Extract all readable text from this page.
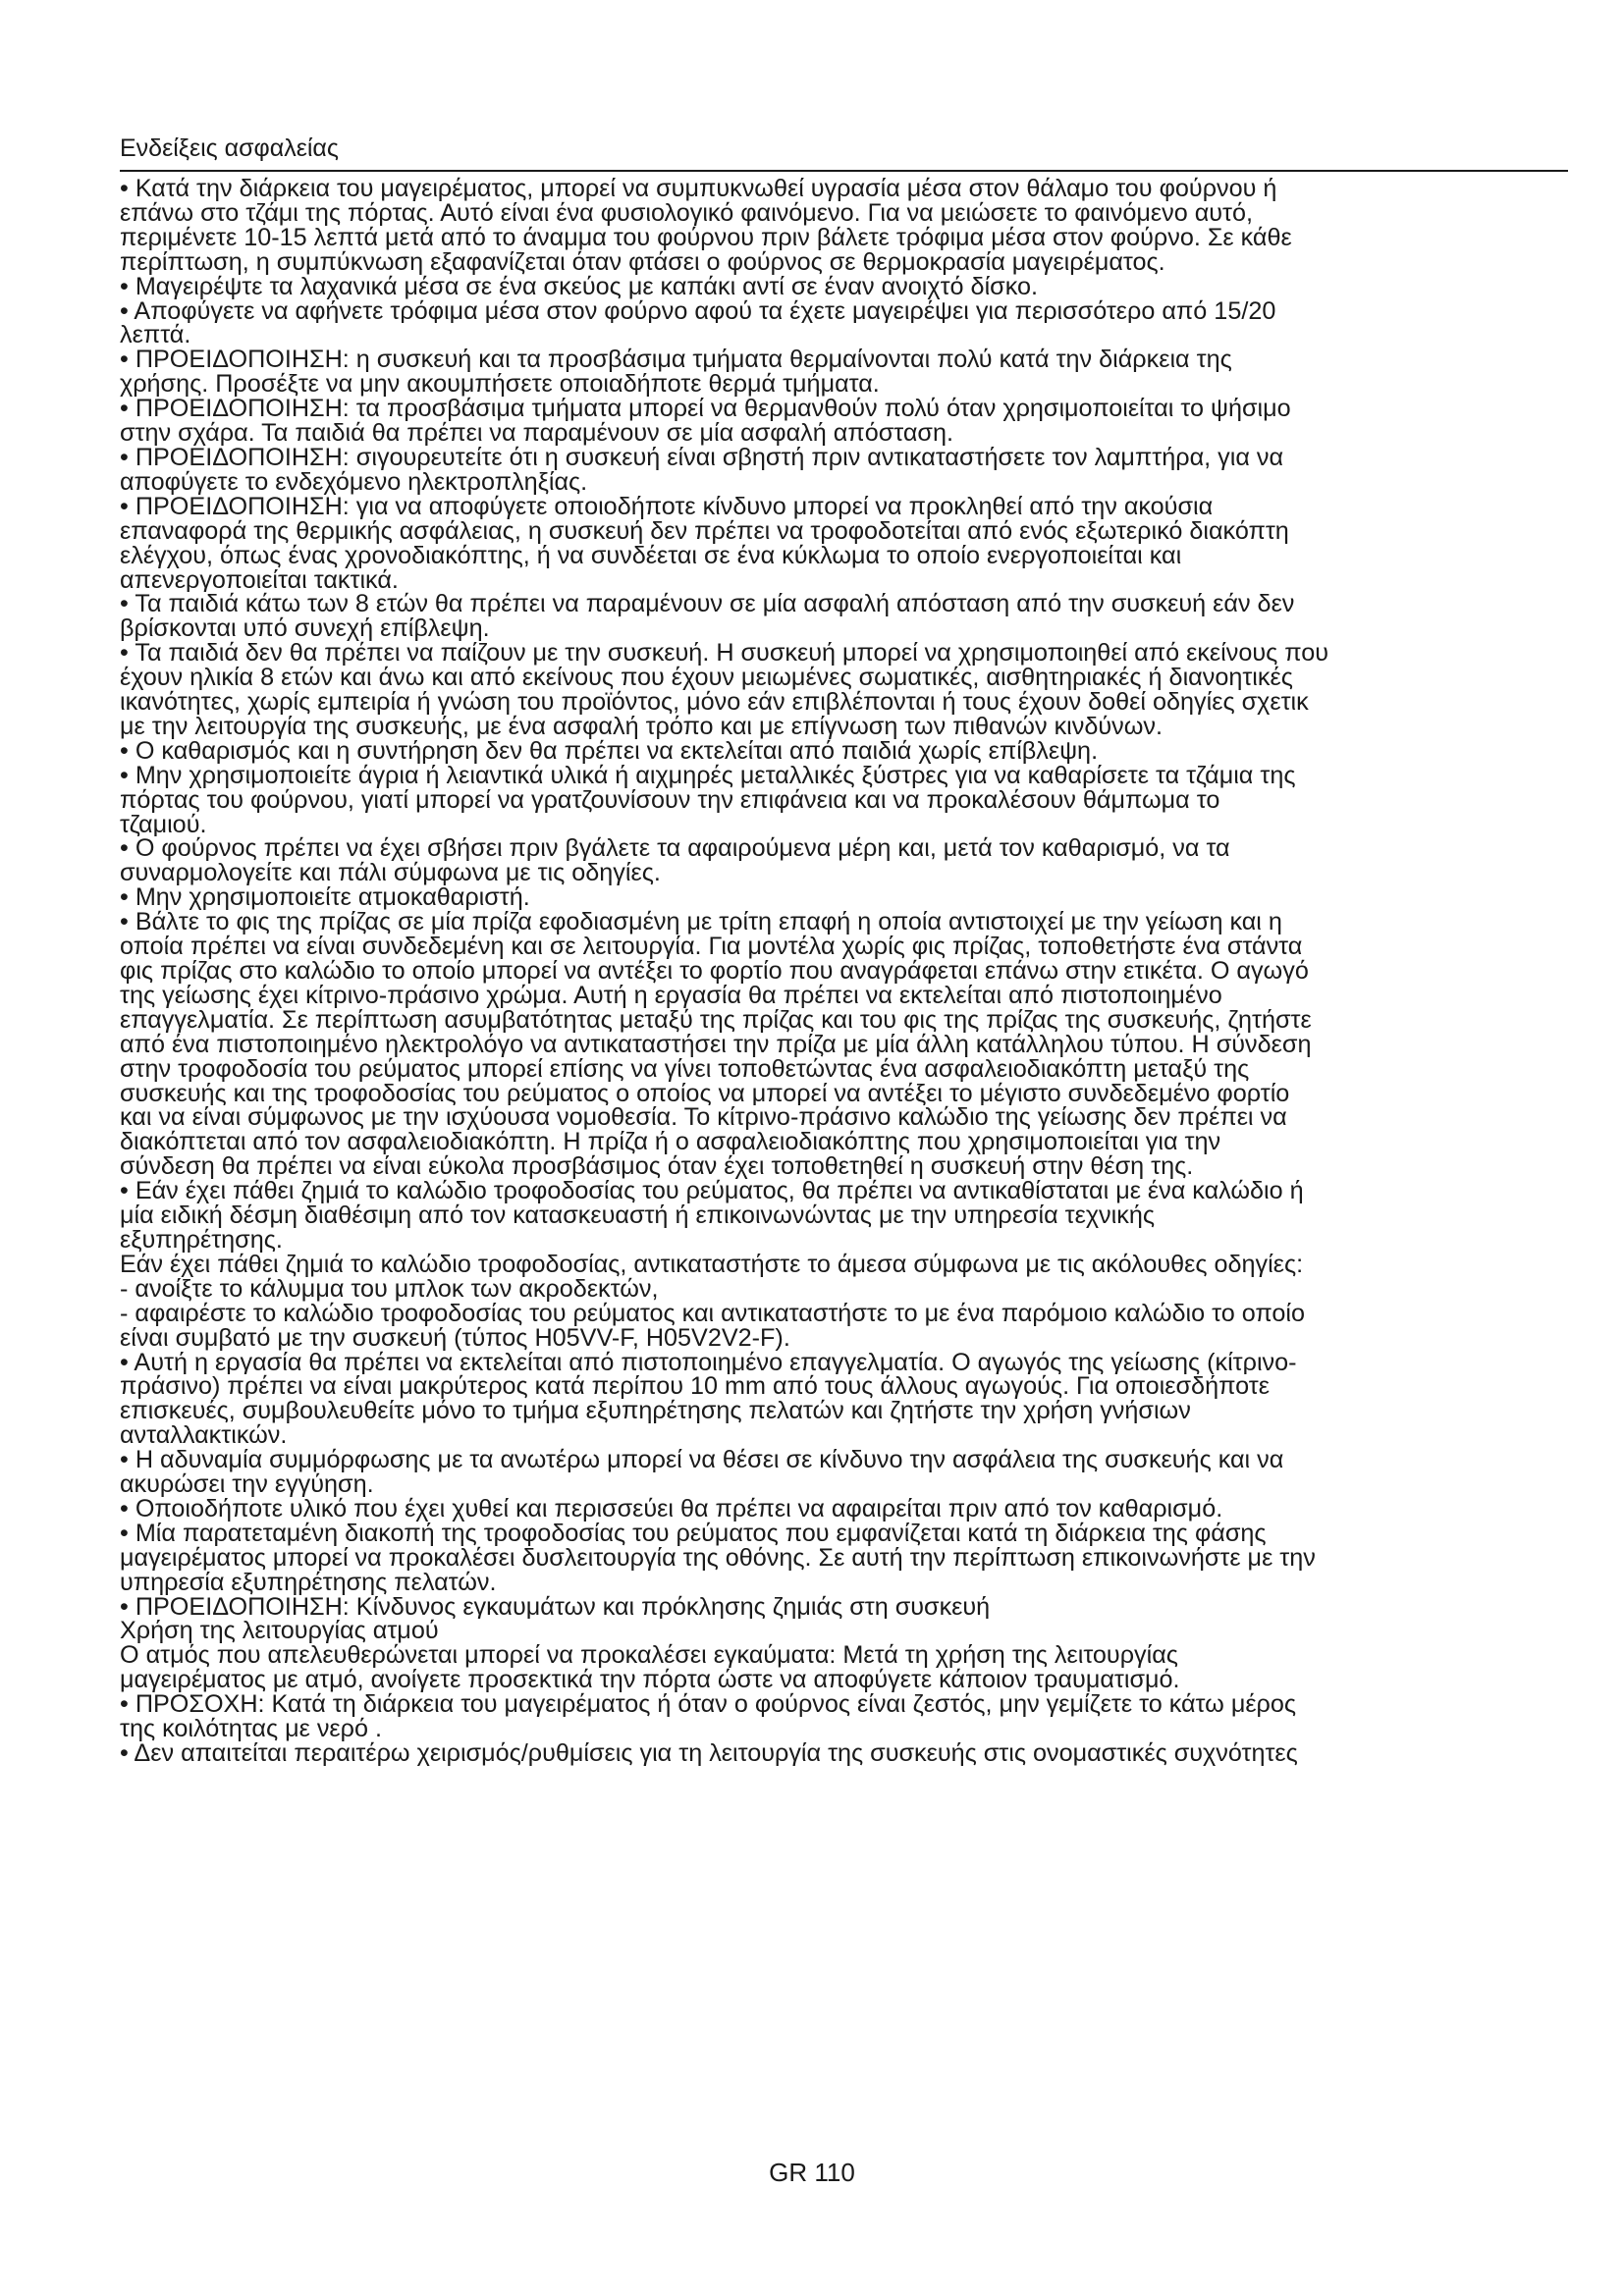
Ενδείξεις ασφαλείας

• Κατά την διάρκεια του μαγειρέματος, μπορεί να συμπυκνωθεί υγρασία μέσα στον θάλαμο του φούρνου ή

επάνω στο τζάμι της πόρτας. Αυτό είναι ένα φυσιολογικό φαινόμενο. Για να μειώσετε το φαινόμενο αυτό,

περιμένετε 10-15 λεπτά μετά από το άναμμα του φούρνου πριν βάλετε τρόφιμα μέσα στον φούρνο. Σε κάθε

περίπτωση, η συμπύκνωση εξαφανίζεται όταν φτάσει ο φούρνος σε θερμοκρασία μαγειρέματος.

• Μαγειρέψτε τα λαχανικά μέσα σε ένα σκεύος με καπάκι αντί σε έναν ανοιχτό δίσκο.

• Αποφύγετε να αφήνετε τρόφιμα μέσα στον φούρνο αφού τα έχετε μαγειρέψει για περισσότερο από 15/20

λεπτά.

• ΠΡΟΕΙΔΟΠΟΙΗΣΗ: η συσκευή και τα προσβάσιμα τμήματα θερμαίνονται πολύ κατά την διάρκεια της

χρήσης. Προσέξτε να μην ακουμπήσετε οποιαδήποτε θερμά τμήματα.

• ΠΡΟΕΙΔΟΠΟΙΗΣΗ: τα προσβάσιμα τμήματα μπορεί να θερμανθούν πολύ όταν χρησιμοποιείται το ψήσιμο

στην σχάρα. Τα παιδιά θα πρέπει να παραμένουν σε μία ασφαλή απόσταση.

• ΠΡΟΕΙΔΟΠΟΙΗΣΗ: σιγουρευτείτε ότι η συσκευή είναι σβηστή πριν αντικαταστήσετε τον λαμπτήρα, για να

αποφύγετε το ενδεχόμενο ηλεκτροπληξίας.

• ΠΡΟΕΙΔΟΠΟΙΗΣΗ: για να αποφύγετε οποιοδήποτε κίνδυνο μπορεί να προκληθεί από την ακούσια

επαναφορά της θερμικής ασφάλειας, η συσκευή δεν πρέπει να τροφοδοτείται από ενός εξωτερικό διακόπτη

ελέγχου, όπως ένας χρονοδιακόπτης, ή να συνδέεται σε ένα κύκλωμα το οποίο ενεργοποιείται και

απενεργοποιείται τακτικά.

• Τα παιδιά κάτω των 8 ετών θα πρέπει να παραμένουν σε μία ασφαλή απόσταση από την συσκευή εάν δεν

βρίσκονται υπό συνεχή επίβλεψη.

• Τα παιδιά δεν θα πρέπει να παίζουν με την συσκευή. Η συσκευή μπορεί να χρησιμοποιηθεί από εκείνους που

έχουν ηλικία 8 ετών και άνω και από εκείνους που έχουν μειωμένες σωματικές, αισθητηριακές ή διανοητικές

ικανότητες, χωρίς εμπειρία ή γνώση του προϊόντος, μόνο εάν επιβλέπονται ή τους έχουν δοθεί οδηγίες σχετικ

με την λειτουργία της συσκευής, με ένα ασφαλή τρόπο και με επίγνωση των πιθανών κινδύνων.

• Ο καθαρισμός και η συντήρηση δεν θα πρέπει να εκτελείται από παιδιά χωρίς επίβλεψη.

• Μην χρησιμοποιείτε άγρια ή λειαντικά υλικά ή αιχμηρές μεταλλικές ξύστρες για να καθαρίσετε τα τζάμια της

πόρτας του φούρνου, γιατί μπορεί να γρατζουνίσουν την επιφάνεια και να προκαλέσουν θάμπωμα το

τζαμιού.

• Ο φούρνος πρέπει να έχει σβήσει πριν βγάλετε τα αφαιρούμενα μέρη και, μετά τον καθαρισμό, να τα

συναρμολογείτε και πάλι σύμφωνα με τις οδηγίες.

• Μην χρησιμοποιείτε ατμοκαθαριστή.

• Βάλτε το φις της πρίζας σε μία πρίζα εφοδιασμένη με τρίτη επαφή η οποία αντιστοιχεί με την γείωση και η

οποία πρέπει να είναι συνδεδεμένη και σε λειτουργία. Για μοντέλα χωρίς φις πρίζας, τοποθετήστε ένα στάντα

φις πρίζας στο καλώδιο το οποίο μπορεί να αντέξει το φορτίο που αναγράφεται επάνω στην ετικέτα. Ο αγωγό

της γείωσης έχει κίτρινο-πράσινο χρώμα. Αυτή η εργασία θα πρέπει να εκτελείται από πιστοποιημένο

επαγγελματία. Σε περίπτωση ασυμβατότητας μεταξύ της πρίζας και του φις της πρίζας της συσκευής, ζητήστε

από ένα πιστοποιημένο ηλεκτρολόγο να αντικαταστήσει την πρίζα με μία άλλη κατάλληλου τύπου. Η σύνδεση

στην τροφοδοσία του ρεύματος μπορεί επίσης να γίνει τοποθετώντας ένα ασφαλειοδιακόπτη μεταξύ της

συσκευής και της τροφοδοσίας του ρεύματος ο οποίος να μπορεί να αντέξει το μέγιστο συνδεδεμένο φορτίο

και να είναι σύμφωνος με την ισχύουσα νομοθεσία. Το κίτρινο-πράσινο καλώδιο της γείωσης δεν πρέπει να

διακόπτεται από τον ασφαλειοδιακόπτη. Η πρίζα ή ο ασφαλειοδιακόπτης που χρησιμοποιείται για την

σύνδεση θα πρέπει να είναι εύκολα προσβάσιμος όταν έχει τοποθετηθεί η συσκευή στην θέση της.

• Εάν έχει πάθει ζημιά το καλώδιο τροφοδοσίας του ρεύματος, θα πρέπει να αντικαθίσταται με ένα καλώδιο ή

μία ειδική δέσμη διαθέσιμη από τον κατασκευαστή ή επικοινωνώντας με την υπηρεσία τεχνικής

εξυπηρέτησης.

Εάν έχει πάθει ζημιά το καλώδιο τροφοδοσίας, αντικαταστήστε το άμεσα σύμφωνα με τις ακόλουθες οδηγίες:

- ανοίξτε το κάλυμμα του μπλοκ των ακροδεκτών,

- αφαιρέστε το καλώδιο τροφοδοσίας του ρεύματος και αντικαταστήστε το με ένα παρόμοιο καλώδιο το οποίο

είναι συμβατό με την συσκευή (τύπος H05VV-F, H05V2V2-F).

• Αυτή η εργασία θα πρέπει να εκτελείται από πιστοποιημένο επαγγελματία. Ο αγωγός της γείωσης (κίτρινο-

πράσινο) πρέπει να είναι μακρύτερος κατά περίπου 10 mm από τους άλλους αγωγούς. Για οποιεσδήποτε

επισκευές, συμβουλευθείτε μόνο το τμήμα εξυπηρέτησης πελατών και ζητήστε την χρήση γνήσιων

ανταλλακτικών.

• Η αδυναμία συμμόρφωσης με τα ανωτέρω μπορεί να θέσει σε κίνδυνο την ασφάλεια της συσκευής και να

ακυρώσει την εγγύηση.

• Οποιοδήποτε υλικό που έχει χυθεί και περισσεύει θα πρέπει να αφαιρείται πριν από τον καθαρισμό.

• Μία παρατεταμένη διακοπή της τροφοδοσίας του ρεύματος που εμφανίζεται κατά τη διάρκεια της φάσης

μαγειρέματος μπορεί να προκαλέσει δυσλειτουργία της οθόνης. Σε αυτή την περίπτωση επικοινωνήστε με την

υπηρεσία εξυπηρέτησης πελατών.

• ΠΡΟΕΙΔΟΠΟΙΗΣΗ: Κίνδυνος εγκαυμάτων και πρόκλησης ζημιάς στη συσκευή

Χρήση της λειτουργίας ατμού

Ο ατμός που απελευθερώνεται μπορεί να προκαλέσει εγκαύματα: Μετά τη χρήση της λειτουργίας

μαγειρέματος με ατμό, ανοίγετε προσεκτικά την πόρτα ώστε να αποφύγετε κάποιον τραυματισμό.

• ΠΡΟΣΟΧΗ: Κατά τη διάρκεια του μαγειρέματος ή όταν ο φούρνος είναι ζεστός, μην γεμίζετε το κάτω μέρος

της κοιλότητας με νερό .

• Δεν απαιτείται περαιτέρω χειρισμός/ρυθμίσεις για τη λειτουργία της συσκευής στις ονομαστικές συχνότητες

GR 110
